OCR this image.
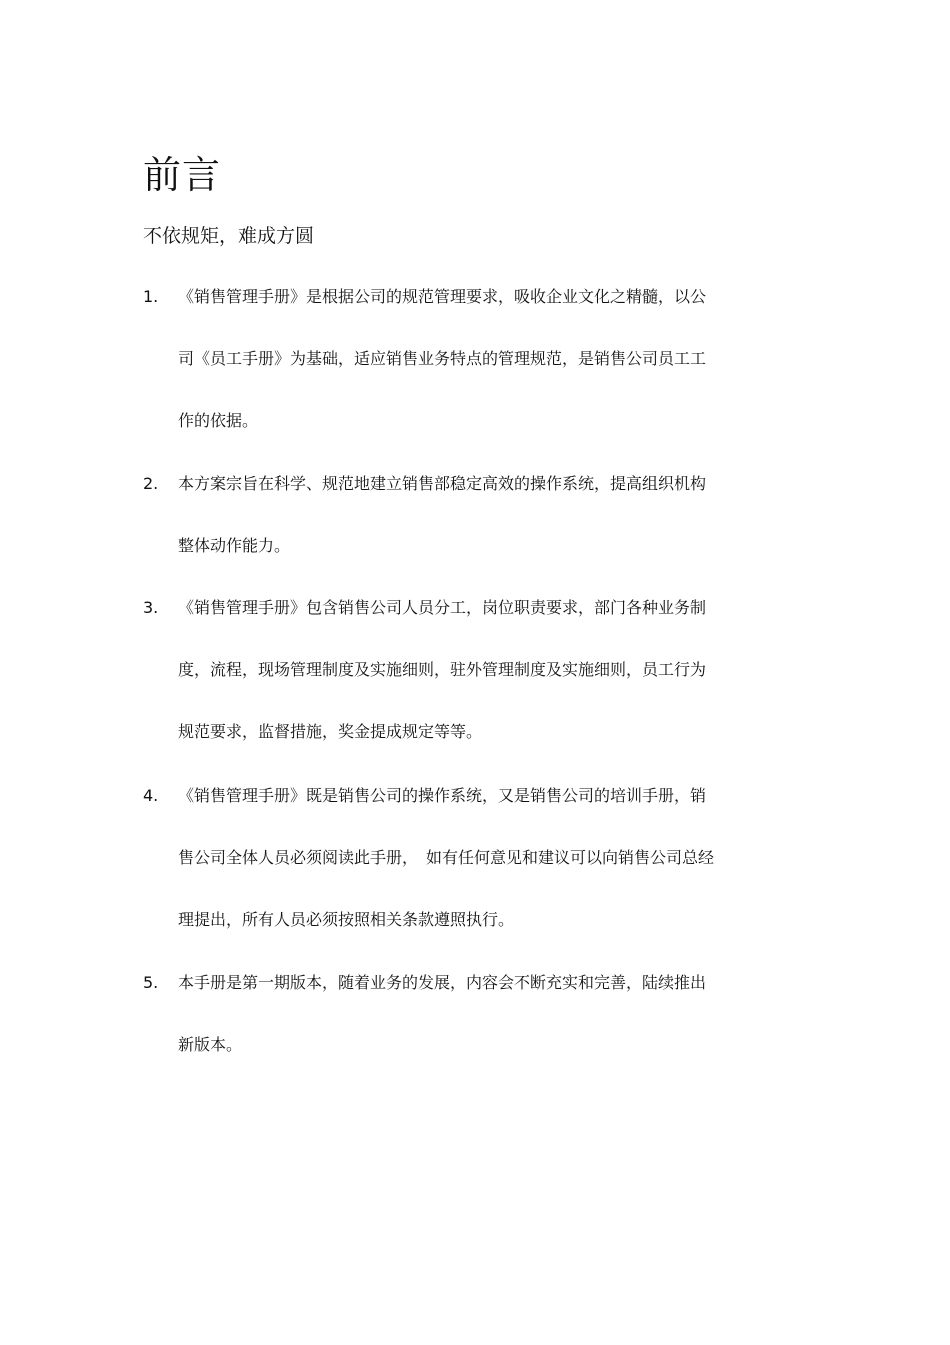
前言
不依规矩，难成方圆
1. 《销售管理手册》是根据公司的规范管理要求，吸收企业文化之精髓，以公
司《员工手册》为基础，适应销售业务特点的管理规范，是销售公司员工工
作的依据。
2. 本方案宗旨在科学、规范地建立销售部稳定高效的操作系统，提高组织机构
整体动作能力。
3. 《销售管理手册》包含销售公司人员分工，岗位职责要求，部门各种业务制
度，流程，现场管理制度及实施细则，驻外管理制度及实施细则，员工行为
规范要求，监督措施，奖金提成规定等等。
4. 《销售管理手册》既是销售公司的操作系统，又是销售公司的培训手册，销
售公司全体人员必须阅读此手册，　如有任何意见和建议可以向销售公司总经
理提出，所有人员必须按照相关条款遵照执行。
5. 本手册是第一期版本，随着业务的发展，内容会不断充实和完善，陆续推出
新版本。
